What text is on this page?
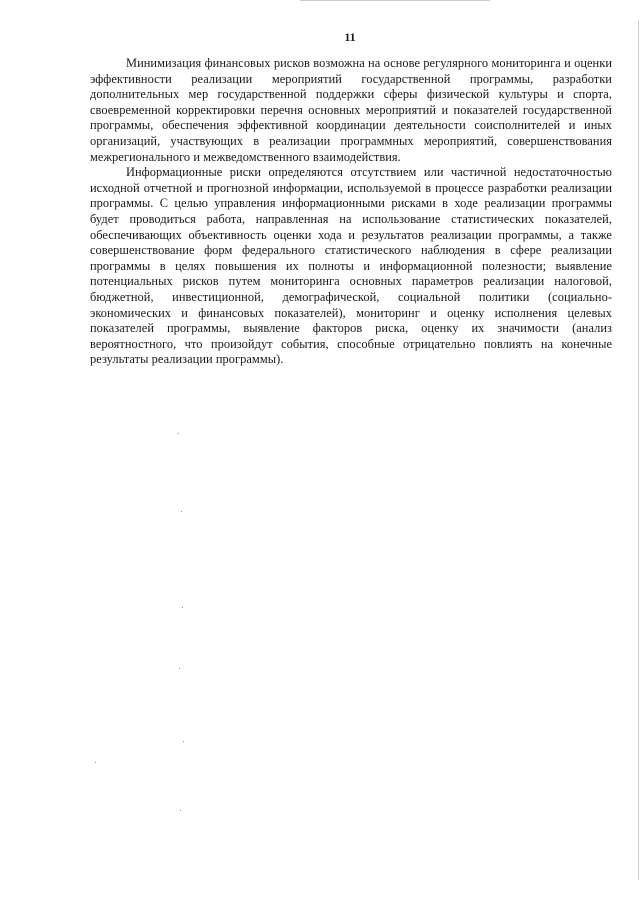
11

Минимизация финансовых рисков возможна на основе регулярного мониторинга и оценки эффективности реализации мероприятий государственной программы, разработки дополнительных мер государственной поддержки сферы физической культуры и спорта, своевременной корректировки перечня основных мероприятий и показателей государственной программы, обеспечения эффективной координации деятельности соисполнителей и иных организаций, участвующих в реализации программных мероприятий, совершенствования межрегионального и межведомственного взаимодействия.

Информационные риски определяются отсутствием или частичной недостаточностью исходной отчетной и прогнозной информации, используемой в процессе разработки реализации программы. С целью управления информационными рисками в ходе реализации программы будет проводиться работа, направленная на использование статистических показателей, обеспечивающих объективность оценки хода и результатов реализации программы, а также совершенствование форм федерального статистического наблюдения в сфере реализации программы в целях повышения их полноты и информационной полезности; выявление потенциальных рисков путем мониторинга основных параметров реализации налоговой, бюджетной, инвестиционной, демографической, социальной политики (социально-экономических и финансовых показателей), мониторинг и оценку исполнения целевых показателей программы, выявление факторов риска, оценку их значимости (анализ вероятностного, что произойдут события, способные отрицательно повлиять на конечные результаты реализации программы).
